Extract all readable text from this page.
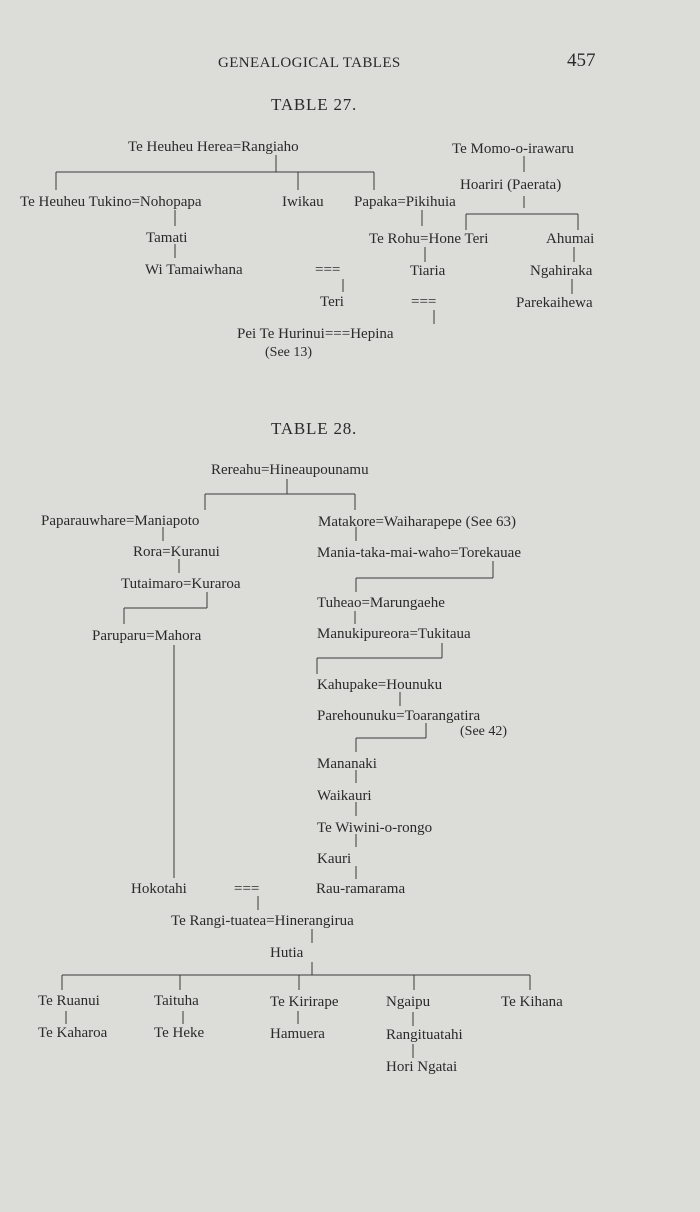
GENEALOGICAL TABLES	457
TABLE 27.
Te Heuheu Herea=Rangiaho	Te Momo-o-irawaru
Hoariri (Paerata)
Te Heuheu Tukino=Nohopapa	Iwikau Papaka=Pikihuia
Tamati	Te Rohu=Hone Teri	Ahumai
Wi Tamaiwhana	===	Tiaria	Ngahiraka
Teri	===	Parekaihewa
Pei Te Hurinui===Hepina
(See 13)
TABLE 28.
Rereahu=Hineaupounamu
Paparauwhare=Maniapoto	Matakore=Waiharapepe (See 63)
Rora=Kuranui	Mania-taka-mai-waho=Torekauae
Tutaimaro=Kuraroa
Tuheao=Marungaehe
Paruparu=Mahora	Manukipureora=Tukitaua
Kahupake=Hounuku
Parehounuku=Toarangatira
(See 42)
Mananaki
Waikauri
Te Wiwini-o-rongo
Kauri
Hokotahi	===	Rau-ramarama
Te Rangi-tuatea=Hinerangirua
Hutia
Te Ruanui	Taituha	Te Kirirape	Ngaipu	Te Kihana
Te Kaharoa	Te Heke	Hamuera	Rangituatahi
Hori Ngatai
